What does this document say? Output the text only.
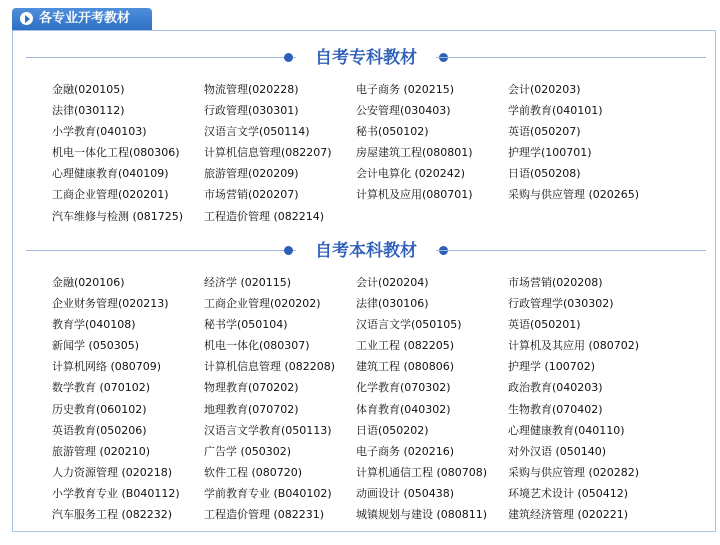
各专业开考教材
自考专科教材
金融(020105)	物流管理(020228)	电子商务 (020215)	会计(020203)
法律(030112)	行政管理(030301)	公安管理(030403)	学前教育(040101)
小学教育(040103)	汉语言文学(050114)	秘书(050102)	英语(050207)
机电一体化工程(080306)	计算机信息管理(082207)	房屋建筑工程(080801)	护理学(100701)
心理健康教育(040109)	旅游管理(020209)	会计电算化 (020242)	日语(050208)
工商企业管理(020201)	市场营销(020207)	计算机及应用(080701)	采购与供应管理 (020265)
汽车维修与检测 (081725)	工程造价管理 (082214)
自考本科教材
金融(020106)	经济学 (020115)	会计(020204)	市场营销(020208)
企业财务管理(020213)	工商企业管理(020202)	法律(030106)	行政管理学(030302)
教育学(040108)	秘书学(050104)	汉语言文学(050105)	英语(050201)
新闻学 (050305)	机电一体化(080307)	工业工程 (082205)	计算机及其应用 (080702)
计算机网络 (080709)	计算机信息管理 (082208)	建筑工程 (080806)	护理学 (100702)
数学教育 (070102)	物理教育(070202)	化学教育(070302)	政治教育(040203)
历史教育(060102)	地理教育(070702)	体育教育(040302)	生物教育(070402)
英语教育(050206)	汉语言文学教育(050113)	日语(050202)	心理健康教育(040110)
旅游管理 (020210)	广告学 (050302)	电子商务 (020216)	对外汉语 (050140)
人力资源管理 (020218)	软件工程 (080720)	计算机通信工程 (080708)	采购与供应管理 (020282)
小学教育专业 (B040112)	学前教育专业 (B040102)	动画设计 (050438)	环境艺术设计 (050412)
汽车服务工程 (082232)	工程造价管理 (082231)	城镇规划与建设 (080811)	建筑经济管理 (020221)
